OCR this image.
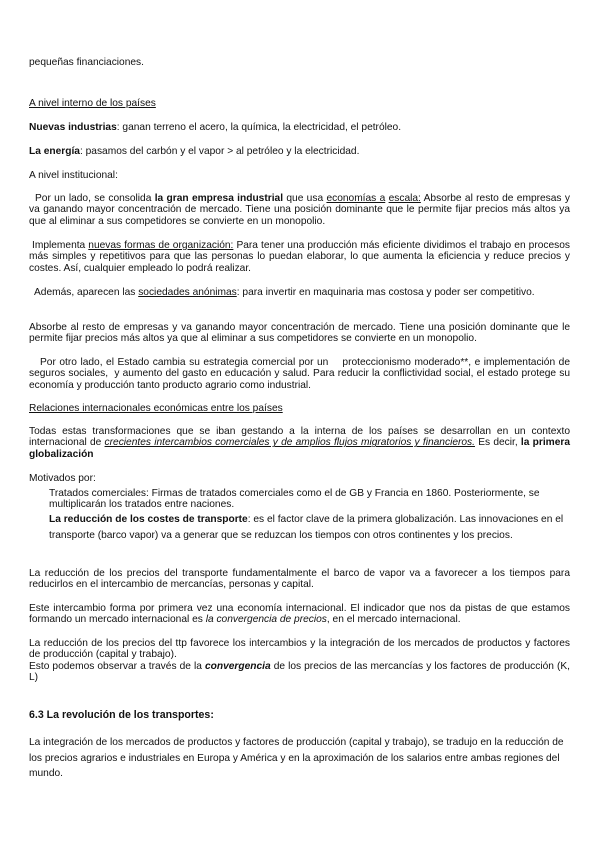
pequeñas financiaciones.

A nivel interno de los países

Nuevas industrias: ganan terreno el acero, la química, la electricidad, el petróleo.

La energía: pasamos del carbón y el vapor > al petróleo y la electricidad.

A nivel institucional:

Por un lado, se consolida la gran empresa industrial que usa economías a escala: Absorbe al resto de empresas y va ganando mayor concentración de mercado. Tiene una posición dominante que le permite fijar precios más altos ya que al eliminar a sus competidores se convierte en un monopolio.

Implementa nuevas formas de organización: Para tener una producción más eficiente dividimos el trabajo en procesos más simples y repetitivos para que las personas lo puedan elaborar, lo que aumenta la eficiencia y reduce precios y costes. Así, cualquier empleado lo podrá realizar.

Además, aparecen las sociedades anónimas: para invertir en maquinaria mas costosa y poder ser competitivo.

Absorbe al resto de empresas y va ganando mayor concentración de mercado. Tiene una posición dominante que le permite fijar precios más altos ya que al eliminar a sus competidores se convierte en un monopolio.

Por otro lado, el Estado cambia su estrategia comercial por un    proteccionismo moderado**, e implementación de seguros sociales,  y aumento del gasto en educación y salud. Para reducir la conflictividad social, el estado protege su economía y producción tanto producto agrario como industrial.

Relaciones internacionales económicas entre los países

Todas estas transformaciones que se iban gestando a la interna de los países se desarrollan en un contexto internacional de crecientes intercambios comerciales y de amplios flujos migratorios y financieros. Es decir, la primera globalización

Motivados por:

Tratados comerciales: Firmas de tratados comerciales como el de GB y Francia en 1860. Posteriormente, se multiplicarán los tratados entre naciones.

La reducción de los costes de transporte: es el factor clave de la primera globalización. Las innovaciones en el transporte (barco vapor) va a generar que se reduzcan los tiempos con otros continentes y los precios.

La reducción de los precios del transporte fundamentalmente el barco de vapor va a favorecer a los tiempos para reducirlos en el intercambio de mercancías, personas y capital.

Este intercambio forma por primera vez una economía internacional. El indicador que nos da pistas de que estamos formando un mercado internacional es la convergencia de precios, en el mercado internacional.

La reducción de los precios del ttp favorece los intercambios y la integración de los mercados de productos y factores de producción (capital y trabajo).

Esto podemos observar a través de la convergencia de los precios de las mercancías y los factores de producción (K, L)

6.3 La revolución de los transportes:

La integración de los mercados de productos y factores de producción (capital y trabajo), se tradujo en la reducción de los precios agrarios e industriales en Europa y América y en la aproximación de los salarios entre ambas regiones del mundo.
